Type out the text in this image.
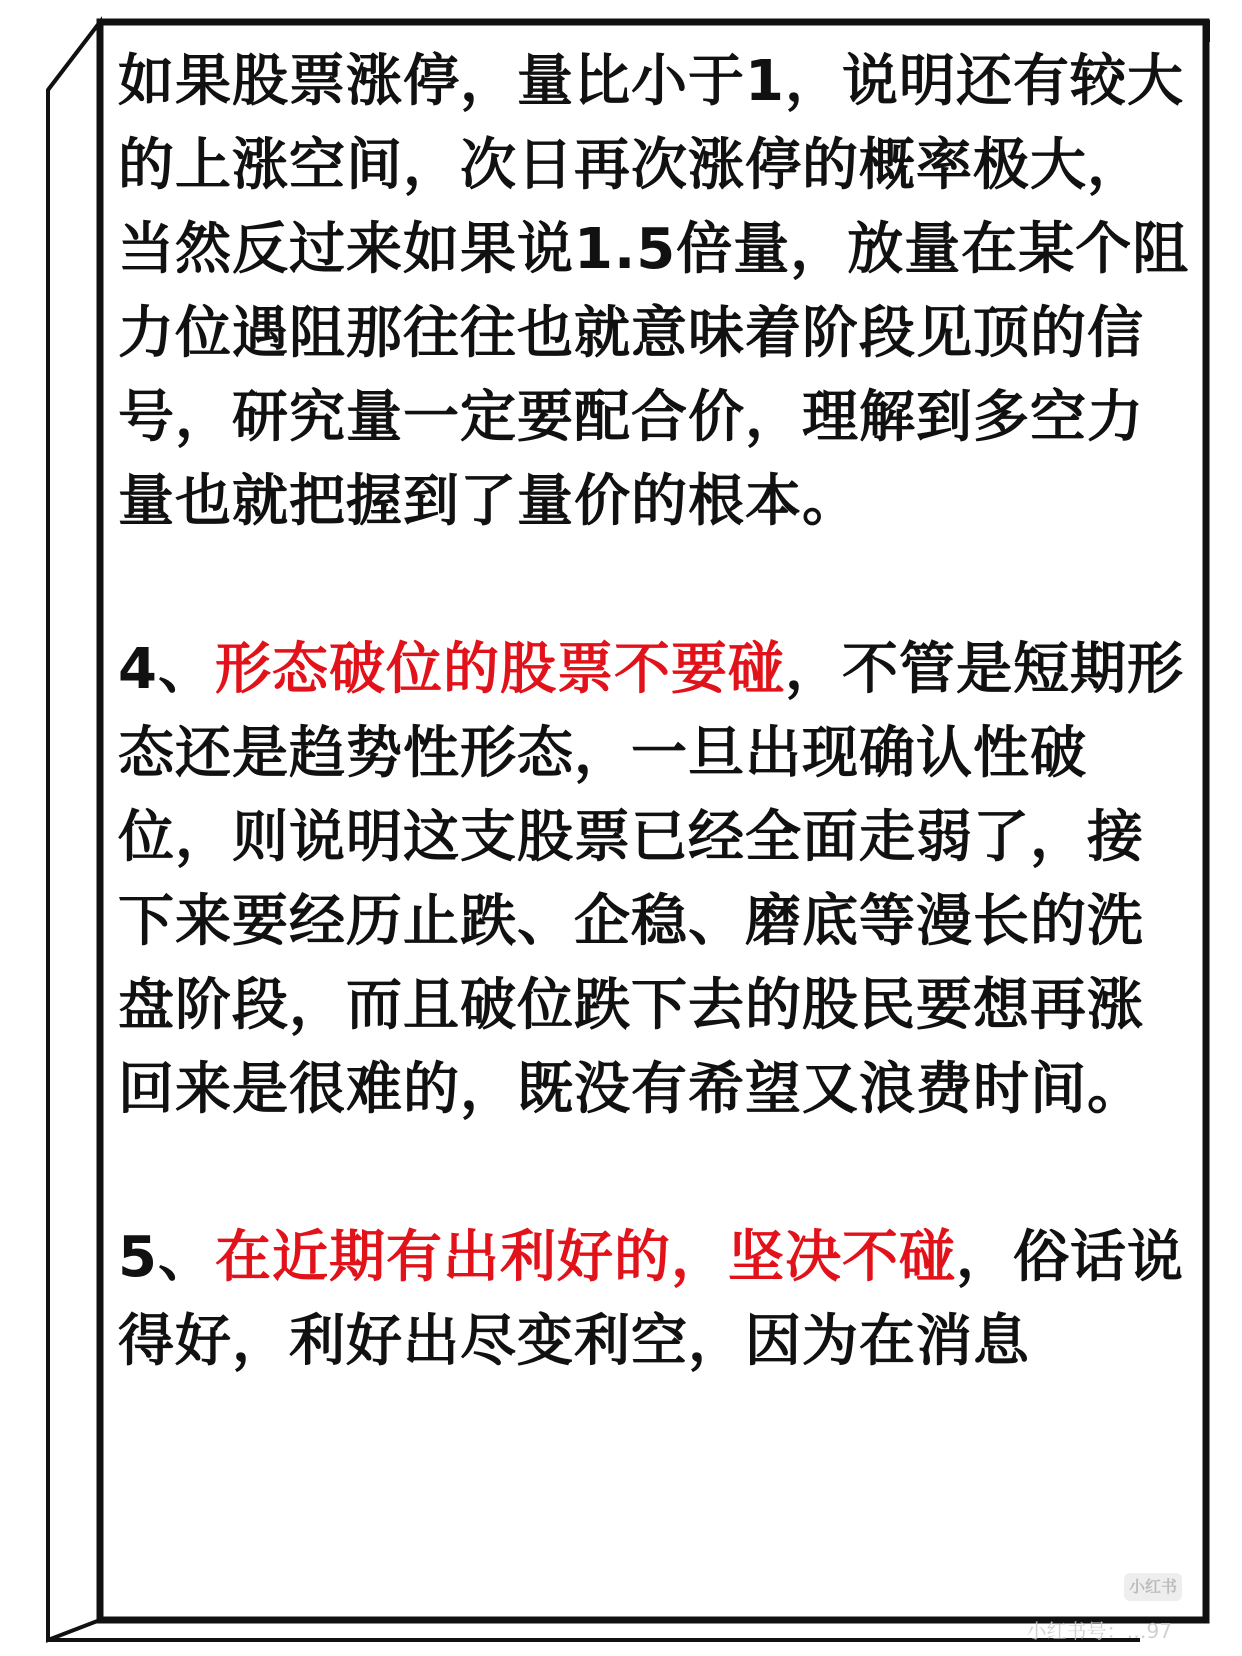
如果股票涨停，量比小于1，说明还有较大的上涨空间，次日再次涨停的概率极大，当然反过来如果说1.5倍量，放量在某个阻力位遇阻那往往也就意味着阶段见顶的信号，研究量一定要配合价，理解到多空力量也就把握到了量价的根本。

4、形态破位的股票不要碰，不管是短期形态还是趋势性形态，一旦出现确认性破位，则说明这支股票已经全面走弱了，接下来要经历止跌、企稳、磨底等漫长的洗盘阶段，而且破位跌下去的股民要想再涨回来是很难的，既没有希望又浪费时间。

5、在近期有出利好的，坚决不碰，俗话说得好，利好出尽变利空，因为在消息

小红书
小红书号：…97
